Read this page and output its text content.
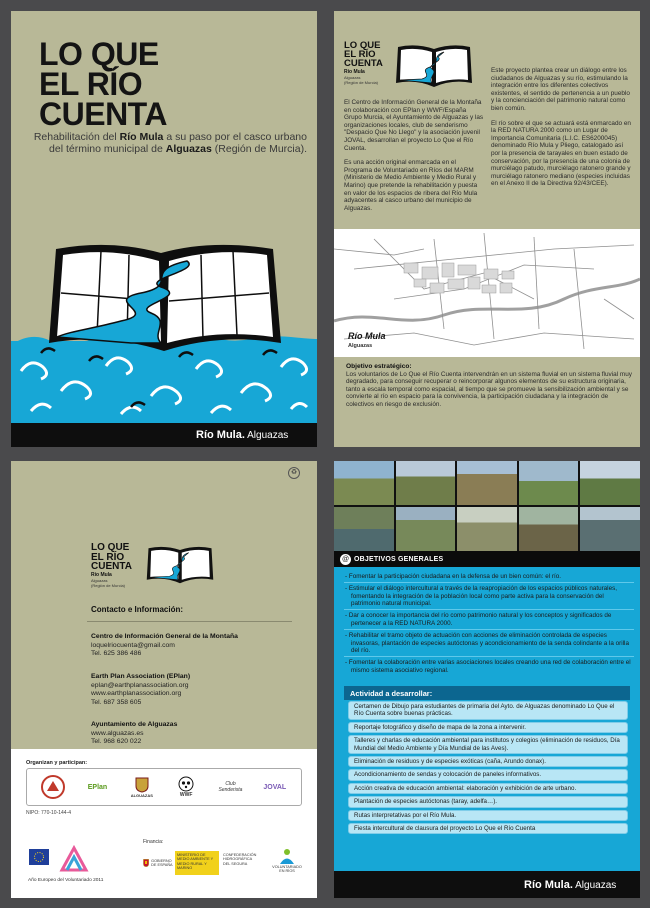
LO QUE
EL RÍO
CUENTA
Rehabilitación del Río Mula a su paso por el casco urbano del término municipal de Alguazas (Región de Murcia).
Río Mula. Alguazas
LO QUE
EL RÍO
CUENTA
Río Mula
Alguazas
(Región de Murcia)

El Centro de Información General de la Montaña en colaboración con EPlan y WWF/España Grupo Murcia, el Ayuntamiento de Alguazas y las organizaciones locales, club de senderismo "Despacio Que No Llego" y la asociación juvenil JOVAL, desarrollan el proyecto Lo Que el Río Cuenta.

Es una acción original enmarcada en el Programa de Voluntariado en Ríos del MARM (Ministerio de Medio Ambiente y Medio Rural y Marino) que pretende la rehabilitación y puesta en valor de los espacios de ribera del Río Mula adyacentes al casco urbano del municipio de Alguazas.

Este proyecto plantea crear un diálogo entre los ciudadanos de Alguazas y su río, estimulando la integración entre los diferentes colectivos existentes, el sentido de pertenencia a un pueblo y la concienciación del patrimonio natural como bien común.

El río sobre el que se actuará está enmarcado en la RED NATURA 2000 como un Lugar de Importancia Comunitaria (L.I.C. ES6200045) denominado Río Mula y Pliego, catalogado así por la presencia de tarayales en buen estado de conservación, por la presencia de una colonia de murciélago patudo, murciélago ratonero grande y murciélago ratonero mediano (especies incluidas en el Anexo II de la Directiva 92/43/CEE).

Río Mula
Alguazas
Objetivo estratégico:
Los voluntarios de Lo Que el Río Cuenta intervendrán en un sistema fluvial en un sistema fluvial muy degradado, para conseguir recuperar o reincorporar algunos elementos de su estructura originaria, tanto a escala temporal como espacial, al tiempo que se promueve la sensibilización ambiental y se convierte al río en espacio para la convivencia, la participación ciudadana y la integración de colectivos en riesgo de exclusión.
♻
LO QUE
EL RÍO
CUENTA
Río Mula
Alguazas
(Región de Murcia)
Contacto e Información:
Centro de Información General de la Montaña
loquelriocuenta@gmail.com
Tel. 625 386 486
Earth Plan Association (EPlan)
eplan@earthplanassociation.org
www.earthplanassociation.org
Tel. 687 358 605
Ayuntamiento de Alguazas
www.alguazas.es
Tel. 968 620 022
Organizan y participan:
EPlan
ALGUAZAS	WWF
Club Senderista	JOVAL
NIPO: 770-10-144-4
Año Europeo del Voluntariado 2011
Financia:
GOBIERNO DE ESPAÑA
MINISTERIO DE MEDIO AMBIENTE Y MEDIO RURAL Y MARINO
CONFEDERACIÓN HIDROGRÁFICA DEL SEGURA
VOLUNTARIADO EN RÍOS
@ OBJETIVOS GENERALES
- Fomentar la participación ciudadana en la defensa de un bien común: el río.
- Estimular el diálogo intercultural a través de la reapropiación de los espacios públicos naturales, fomentando la integración de la población local como parte activa para la conservación del patrimonio natural municipal.
- Dar a conocer la importancia del río como patrimonio natural y los conceptos y significados de pertenecer a la RED NATURA 2000.
- Rehabilitar el tramo objeto de actuación con acciones de eliminación controlada de especies invasoras, plantación de especies autóctonas y acondicionamiento de la senda colindante a la orilla del río.
- Fomentar la colaboración entre varias asociaciones locales creando una red de colaboración entre el mismo sistema asociativo regional.
Actividad a desarrollar:
Certamen de Dibujo para estudiantes de primaria del Ayto. de Alguazas denominado Lo Que el Río Cuenta sobre buenas prácticas.
Reportaje fotográfico y diseño de mapa de la zona a intervenir.
Talleres y charlas de educación ambiental para institutos y colegios (eliminación de residuos, Día Mundial del Medio Ambiente y Día Mundial de las Aves).
Eliminación de residuos y de especies exóticas (caña, Arundo donax).
Acondicionamiento de sendas y colocación de paneles informativos.
Acción creativa de educación ambiental: elaboración y exhibición de arte urbano.
Plantación de especies autóctonas (taray, adelfa…).
Rutas interpretativas por el Río Mula.
Fiesta intercultural de clausura del proyecto Lo Que el Río Cuenta
Río Mula. Alguazas
